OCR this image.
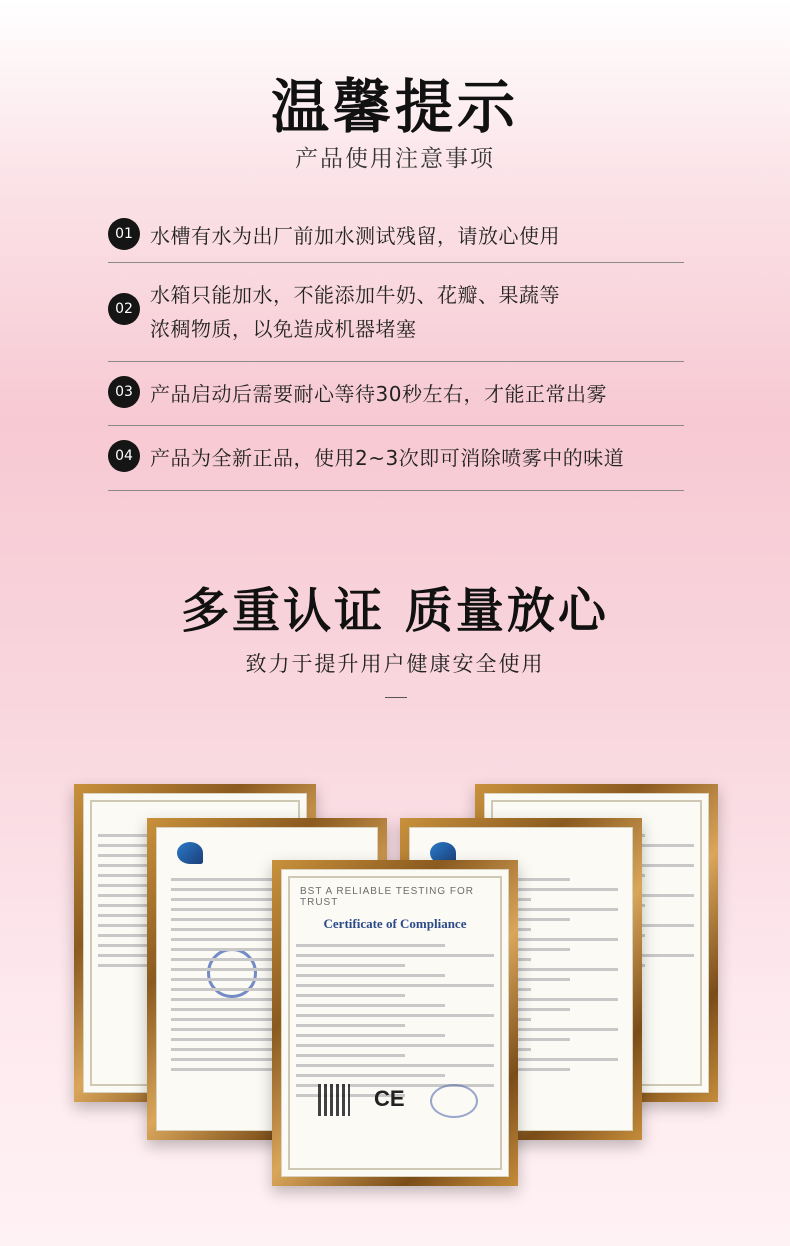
温馨提示
产品使用注意事项
01 水槽有水为出厂前加水测试残留，请放心使用
02
水箱只能加水，不能添加牛奶、花瓣、果蔬等
浓稠物质，以免造成机器堵塞
03 产品启动后需要耐心等待30秒左右，才能正常出雾
04 产品为全新正品，使用2~3次即可消除喷雾中的味道
多重认证 质量放心
致力于提升用户健康安全使用
BST A RELIABLE TESTING FOR TRUST
Certificate of Compliance
CE
